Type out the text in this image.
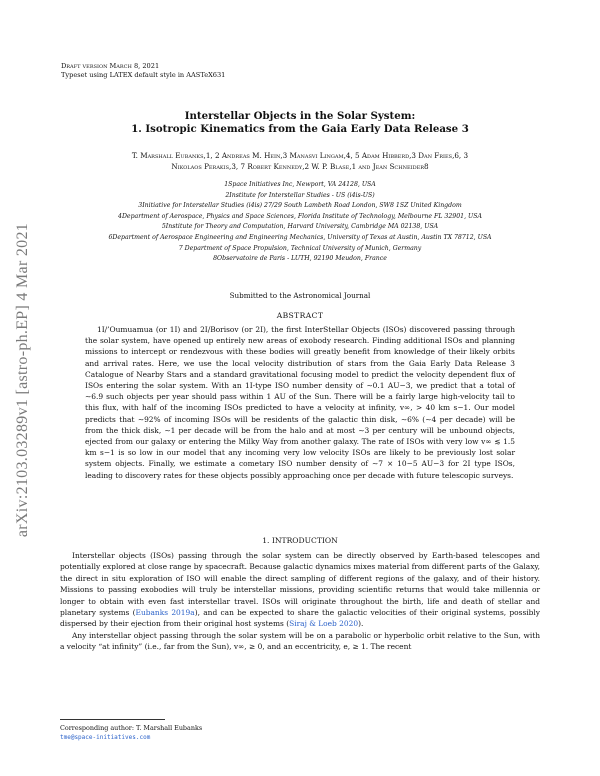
arXiv:2103.03289v1 [astro-ph.EP] 4 Mar 2021
Draft version March 8, 2021
Typeset using LATEX default style in AASTeX631
Interstellar Objects in the Solar System:
1. Isotropic Kinematics from the Gaia Early Data Release 3
T. Marshall Eubanks,1, 2 Andreas M. Hein,3 Manasvi Lingam,4, 5 Adam Hibberd,3 Dan Fries,6, 3
Nikolaos Perakis,3, 7 Robert Kennedy,2 W. P. Blase,1 and Jean Schneider8
1Space Initiatives Inc, Newport, VA 24128, USA
2Institute for Interstellar Studies - US (i4is-US)
3Initiative for Interstellar Studies (i4is) 27/29 South Lambeth Road London, SW8 1SZ United Kingdom
4Department of Aerospace, Physics and Space Sciences, Florida Institute of Technology, Melbourne FL 32901, USA
5Institute for Theory and Computation, Harvard University, Cambridge MA 02138, USA
6Department of Aerospace Engineering and Engineering Mechanics, University of Texas at Austin, Austin TX 78712, USA
7 Department of Space Propulsion, Technical University of Munich, Germany
8Observatoire de Paris - LUTH, 92190 Meudon, France
Submitted to the Astronomical Journal
ABSTRACT
1I/’Oumuamua (or 1I) and 2I/Borisov (or 2I), the first InterStellar Objects (ISOs) discovered passing through the solar system, have opened up entirely new areas of exobody research. Finding additional ISOs and planning missions to intercept or rendezvous with these bodies will greatly benefit from knowledge of their likely orbits and arrival rates. Here, we use the local velocity distribution of stars from the Gaia Early Data Release 3 Catalogue of Nearby Stars and a standard gravitational focusing model to predict the velocity dependent flux of ISOs entering the solar system. With an 1I-type ISO number density of ∼0.1 AU−3, we predict that a total of ∼6.9 such objects per year should pass within 1 AU of the Sun. There will be a fairly large high-velocity tail to this flux, with half of the incoming ISOs predicted to have a velocity at infinity, v∞, > 40 km s−1. Our model predicts that ∼92% of incoming ISOs will be residents of the galactic thin disk, ∼6% (∼4 per decade) will be from the thick disk, ∼1 per decade will be from the halo and at most ∼3 per century will be unbound objects, ejected from our galaxy or entering the Milky Way from another galaxy. The rate of ISOs with very low v∞ ≲ 1.5 km s−1 is so low in our model that any incoming very low velocity ISOs are likely to be previously lost solar system objects. Finally, we estimate a cometary ISO number density of ∼7 × 10−5 AU−3 for 2I type ISOs, leading to discovery rates for these objects possibly approaching once per decade with future telescopic surveys.
1. INTRODUCTION

Interstellar objects (ISOs) passing through the solar system can be directly observed by Earth-based telescopes and potentially explored at close range by spacecraft. Because galactic dynamics mixes material from different parts of the Galaxy, the direct in situ exploration of ISO will enable the direct sampling of different regions of the galaxy, and of their history. Missions to passing exobodies will truly be interstellar missions, providing scientific returns that would take millennia or longer to obtain with even fast interstellar travel. ISOs will originate throughout the birth, life and death of stellar and planetary systems (Eubanks 2019a), and can be expected to share the galactic velocities of their original systems, possibly dispersed by their ejection from their original host systems (Siraj & Loeb 2020).

Any interstellar object passing through the solar system will be on a parabolic or hyperbolic orbit relative to the Sun, with a velocity “at infinity” (i.e., far from the Sun), v∞, ≥ 0, and an eccentricity, e, ≥ 1. The recent

Corresponding author: T. Marshall Eubanks
tme@space-initiatives.com
